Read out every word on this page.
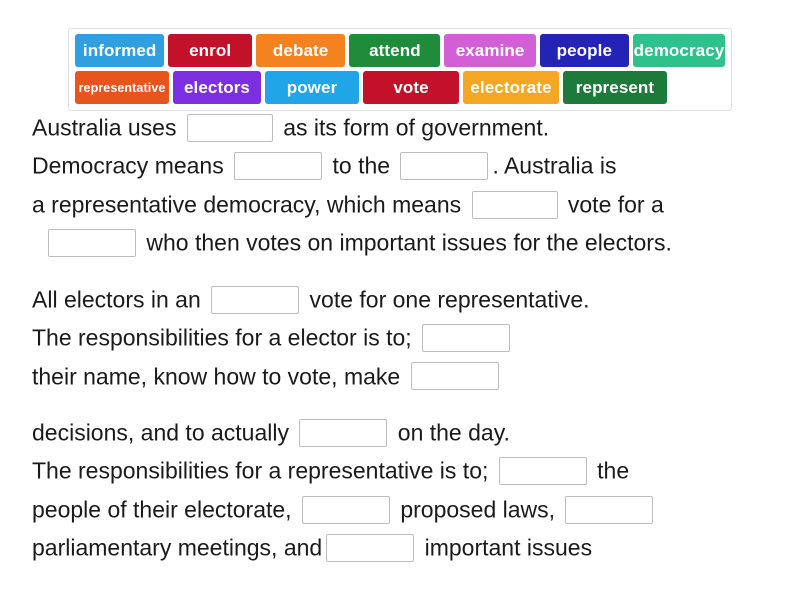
informed	enrol	debate	attend	examine	people	democracy
representative	electors	power	vote	electorate	represent
Australia uses	as its form of government.
Democracy means	to the	. Australia is
a representative democracy, which means	vote for a
who then votes on important issues for the electors.
All electors in an	vote for one representative.
The responsibilities for a elector is to;
their name, know how to vote, make
decisions, and to actually	on the day.
The responsibilities for a representative is to;	the
people of their electorate,	proposed laws,
parliamentary meetings, and	important issues
